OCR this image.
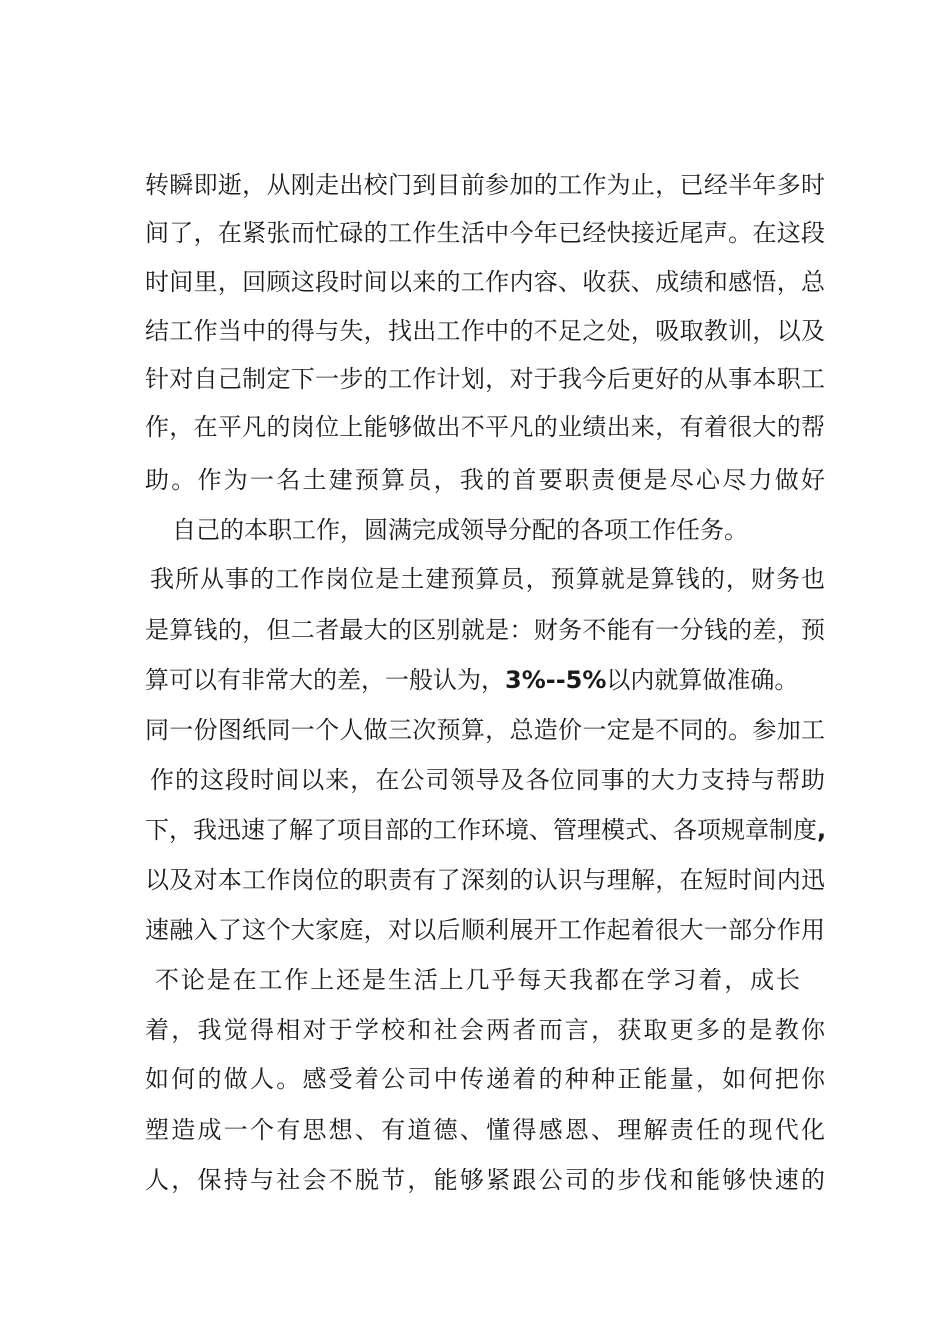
转瞬即逝，从刚走出校门到目前参加的工作为止，已经半年多时
间了，在紧张而忙碌的工作生活中今年已经快接近尾声。在这段
时间里，回顾这段时间以来的工作内容、收获、成绩和感悟，总
结工作当中的得与失，找出工作中的不足之处，吸取教训，以及
针对自己制定下一步的工作计划，对于我今后更好的从事本职工
作，在平凡的岗位上能够做出不平凡的业绩出来，有着很大的帮
助。作为一名土建预算员，我的首要职责便是尽心尽力做好
自己的本职工作，圆满完成领导分配的各项工作任务。
我所从事的工作岗位是土建预算员，预算就是算钱的，财务也
是算钱的，但二者最大的区别就是：财务不能有一分钱的差，预
算可以有非常大的差，一般认为，3%--5%以内就算做准确。
同一份图纸同一个人做三次预算，总造价一定是不同的。参加工
作的这段时间以来，在公司领导及各位同事的大力支持与帮助
下，我迅速了解了项目部的工作环境、管理模式、各项规章制度,
以及对本工作岗位的职责有了深刻的认识与理解，在短时间内迅
速融入了这个大家庭，对以后顺利展开工作起着很大一部分作用
不论是在工作上还是生活上几乎每天我都在学习着，成长
着，我觉得相对于学校和社会两者而言，获取更多的是教你
如何的做人。感受着公司中传递着的种种正能量，如何把你
塑造成一个有思想、有道德、懂得感恩、理解责任的现代化
人，保持与社会不脱节，能够紧跟公司的步伐和能够快速的
